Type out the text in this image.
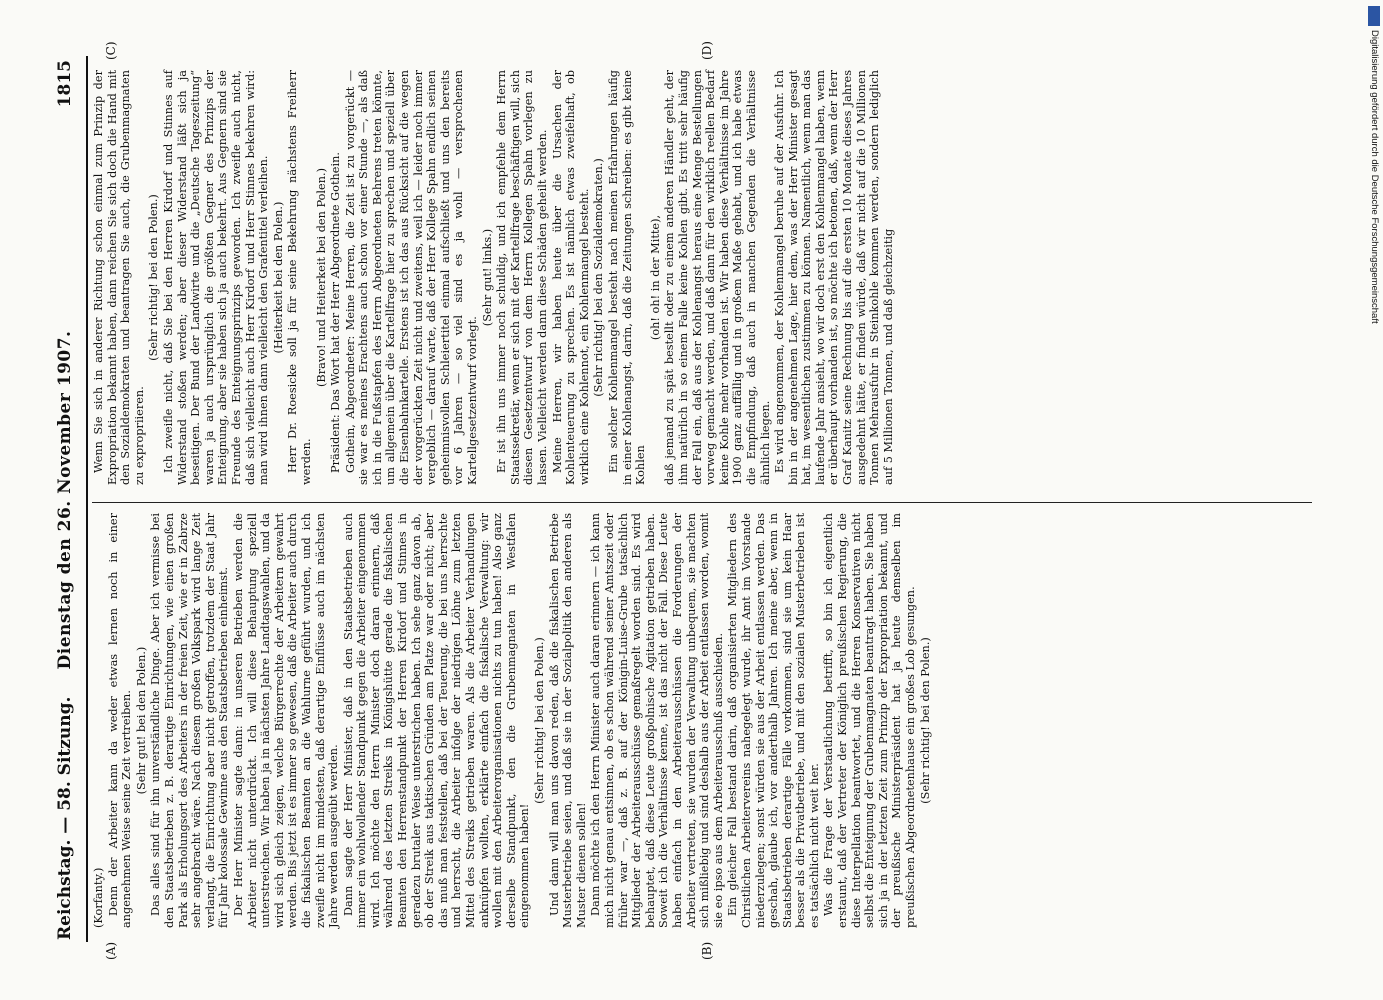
Reichstag. — 58. Sitzung.
Dienstag den 26. November 1907.
1815
(A)	(B)
(C)	(D)

(Korfanty.) Denn der Arbeiter kann da weder etwas lernen noch in einer angenehmen Weise seine Zeit vertreiben. (Sehr gut! bei den Polen.) Das alles sind für ihn unverständliche Dinge. Aber ich vermisse bei den Staatsbetrieben z. B. derartige Einrichtungen, wie einen großen Park als Erholungsort des Arbeiters in der freien Zeit, wie er in Zabrze sehr angebracht wäre. Nach diesem großen Volkspark wird lange Zeit verlangt, die Einrichtung aber nicht getroffen, trotzdem der Staat Jahr für Jahr kolossale Gewinne aus den Staatsbetrieben einheimst. Der Herr Minister sagte dann: in unseren Betrieben werden die Arbeiter nicht unterdrückt. Ich will diese Behauptung speziell unterstreichen. Wir haben ja in nächsten Jahre Landtagswahlen, und da wird sich gleich zeigen, welche Bürgerrechte der Arbeitern gewahrt werden. Bis jetzt ist es immer so gewesen, daß die Arbeiter auch durch die fiskalischen Beamten an die Wahlurne geführt wurden, und ich zweifle nicht im mindesten, daß derartige Einflüsse auch im nächsten Jahre werden ausgeübt werden. Dann sagte der Herr Minister, daß in den Staatsbetrieben auch immer ein wohlwollender Standpunkt gegen die Arbeiter eingenommen wird. Ich möchte den Herrn Minister doch daran erinnern, daß während des letzten Streiks in Königshütte gerade die fiskalischen Beamten den Herrenstandpunkt der Herren Kirdorf und Stinnes in geradezu brutaler Weise unterstrichen haben. Ich sehe ganz davon ab, ob der Streik aus taktischen Gründen am Platze war oder nicht; aber das muß man feststellen, daß bei der Teuerung, die bei uns herrschte und herrscht, die Arbeiter infolge der niedrigen Löhne zum letzten Mittel des Streiks getrieben waren. Als die Arbeiter Verhandlungen anknüpfen wollten, erklärte einfach die fiskalische Verwaltung: wir wollen mit den Arbeiterorganisationen nichts zu tun haben! Also ganz derselbe Standpunkt, den die Grubenmagnaten in Westfalen eingenommen haben!

(Sehr richtig! bei den Polen.) Und dann will man uns davon reden, daß die fiskalischen Betriebe Musterbetriebe seien, und daß sie in der Sozialpolitik den anderen als Muster dienen sollen! Dann möchte ich den Herrn Minister auch daran erinnern — ich kann mich nicht genau entsinnen, ob es schon während seiner Amtszeit oder früher war —, daß z. B. auf der Königin-Luise-Grube tatsächlich Mitglieder der Arbeiterausschüsse gemaßregelt worden sind. Es wird behauptet, daß diese Leute großpolnische Agitation getrieben haben. Soweit ich die Verhältnisse kenne, ist das nicht der Fall. Diese Leute haben einfach in den Arbeiterausschüssen die Forderungen der Arbeiter vertreten, sie wurden der Verwaltung unbequem, sie machten sich mißliebig und sind deshalb aus der Arbeit entlassen worden, womit sie eo ipso aus dem Arbeiterausschuß ausschieden. Ein gleicher Fall bestand darin, daß organisierten Mitgliedern des Christlichen Arbeitervereins nahegelegt wurde, ihr Amt im Vorstande niederzulegen; sonst würden sie aus der Arbeit entlassen werden. Das geschah, glaube ich, vor anderthalb Jahren. Ich meine aber, wenn in Staatsbetrieben derartige Fälle vorkommen, sind sie um kein Haar besser als die Privatbetriebe, und mit den sozialen Musterbetrieben ist es tatsächlich nicht weit her. Was die Frage der Verstaatlichung betrifft, so bin ich eigentlich erstaunt, daß der Vertreter der Königlich preußischen Regierung, die diese Interpellation beantwortet, und die Herren Konservativen nicht selbst die Enteignung der Grubenmagnaten beantragt haben. Sie haben sich ja in der letzten Zeit zum Prinzip der Expropriation bekannt, und der preußische Ministerpräsident hat ja heute demselben im preußischen Abgeordnetenhause ein großes Lob gesungen. (Sehr richtig! bei den Polen.)

Wenn Sie sich in anderer Richtung schon einmal zum Prinzip der Expropriation bekannt haben, dann reichen Sie sich doch die Hand mit den Sozialdemokraten und beantragen Sie auch, die Grubenmagnaten zu expropriieren.

(Sehr richtig! bei den Polen.) Ich zweifle nicht, daß Sie bei den Herren Kirdorf und Stinnes auf Widerstand stoßen werden; aber dieser Widerstand läßt sich ja beseitigen. Der Bund der Landwirte und die „Deutsche Tageszeitung“ waren ja auch ursprünglich die größten Gegner des Prinzips der Enteignung, aber sie haben sich ja auch bekehrt. Aus Gegnern sind sie Freunde des Enteignungsprinzips geworden. Ich zweifle auch nicht, daß sich vielleicht auch Herr Kirdorf und Herr Stinnes bekehren wird: man wird ihnen dann vielleicht den Grafentitel verleihen. (Heiterkeit bei den Polen.) Herr Dr. Roesicke soll ja für seine Bekehrung nächstens Freiherr werden.

(Bravo! und Heiterkeit bei den Polen.) Präsident: Das Wort hat der Herr Abgeordnete Gothein. Gothein, Abgeordneter: Meine Herren, die Zeit ist zu vorgerückt — sie war es meines Erachtens auch schon vor einer Stunde —, als daß ich in die Fußstapfen des Herrn Abgeordneten Behrens treten könnte, um allgemein über die Kartellfrage hier zu sprechen und speziell über die Eisenbahnkartelle. Erstens ist ich das aus Rücksicht auf die wegen der vorgerückten Zeit nicht und zweitens, weil ich — leider noch immer vergeblich — darauf warte, daß der Herr Kollege Spahn endlich seinen geheimnisvollen Schleiertitel einmal aufschließt und uns den bereits vor 6 Jahren — so viel sind es ja wohl — versprochenen Kartellgesetzentwurf vorlegt.

(Sehr gut! links.) Er ist ihn uns immer noch schuldig, und ich empfehle dem Herrn Staatssekretär, wenn er sich mit der Kartellfrage beschäftigen will, sich diesen Gesetzentwurf von dem Herrn Kollegen Spahn vorlegen zu lassen. Vielleicht werden dann diese Schäden geheilt werden. Meine Herren, wir haben heute über die Ursachen der Kohlenteuerung zu sprechen. Es ist nämlich etwas zweifelhaft, ob wirklich eine Kohlennot, ein Kohlenmangel besteht. (Sehr richtig! bei den Sozialdemokraten.) Ein solcher Kohlenmangel besteht nach meinen Erfahrungen häufig in einer Kohlenangst, darin, daß die Zeitungen schreiben: es gibt keine Kohlen

(oh! oh! in der Mitte), daß jemand zu spät bestellt oder zu einem anderen Händler geht, der ihm natürlich in so einem Falle keine Kohlen gibt. Es tritt sehr häufig der Fall ein, daß aus der Kohlenangst heraus eine Menge Bestellungen vorweg gemacht werden, und daß dann für den wirklich reellen Bedarf keine Kohle mehr vorhanden ist. Wir haben diese Verhältnisse im Jahre 1900 ganz auffällig und in großem Maße gehabt, und ich habe etwas die Empfindung, daß auch in manchen Gegenden die Verhältnisse ähnlich liegen. Es wird angenommen, der Kohlenmangel beruhe auf der Ausfuhr. Ich bin in der angenehmen Lage, hier dem, was der Herr Minister gesagt hat, im wesentlichen zustimmen zu können. Namentlich, wenn man das laufende Jahr ansieht, wo wir doch erst den Kohlenmangel haben, wenn er überhaupt vorhanden ist, so möchte ich betonen, daß, wenn der Herr Graf Kanitz seine Rechnung bis auf die ersten 10 Monate dieses Jahres ausgedehnt hätte, er finden würde, daß wir nicht auf die 10 Millionen Tonnen Mehrausfuhr in Steinkohle kommen werden, sondern lediglich auf 5 Millionen Tonnen, und daß gleichzeitig

Digitalisierung gefördert durch die Deutsche Forschungsgemeinschaft
